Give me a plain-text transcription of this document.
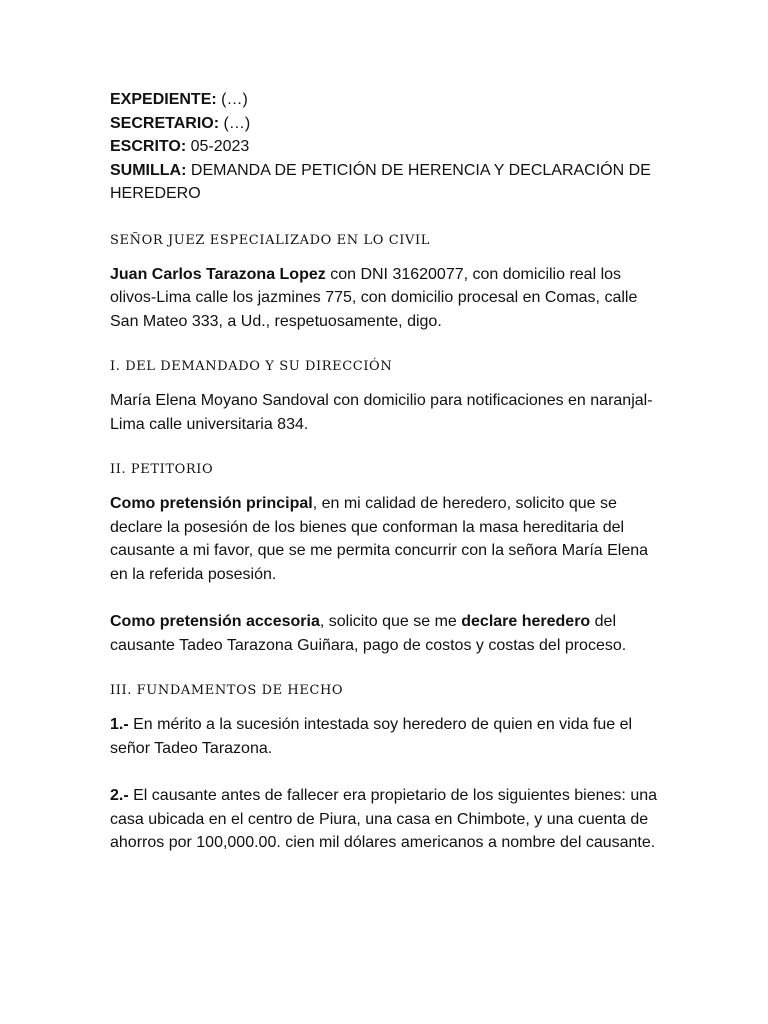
EXPEDIENTE: (…)

SECRETARIO: (…)

ESCRITO: 05-2023

SUMILLA: DEMANDA DE PETICIÓN DE HERENCIA Y DECLARACIÓN DE HEREDERO

SEÑOR JUEZ ESPECIALIZADO EN LO CIVIL

Juan Carlos Tarazona Lopez con DNI 31620077, con domicilio real los olivos-Lima calle los jazmines 775, con domicilio procesal en Comas, calle San Mateo 333, a Ud., respetuosamente, digo.

I. DEL DEMANDADO Y SU DIRECCIÓN

María Elena Moyano Sandoval con domicilio para notificaciones en naranjal-Lima calle universitaria 834.

II. PETITORIO

Como pretensión principal, en mi calidad de heredero, solicito que se declare la posesión de los bienes que conforman la masa hereditaria del causante a mi favor, que se me permita concurrir con la señora María Elena en la referida posesión.

Como pretensión accesoria, solicito que se me declare heredero del causante Tadeo Tarazona Guiñara, pago de costos y costas del proceso.

III. FUNDAMENTOS DE HECHO

1.- En mérito a la sucesión intestada soy heredero de quien en vida fue el señor Tadeo Tarazona.

2.- El causante antes de fallecer era propietario de los siguientes bienes: una casa ubicada en el centro de Piura, una casa en Chimbote, y una cuenta de ahorros por 100,000.00. cien mil dólares americanos a nombre del causante.
